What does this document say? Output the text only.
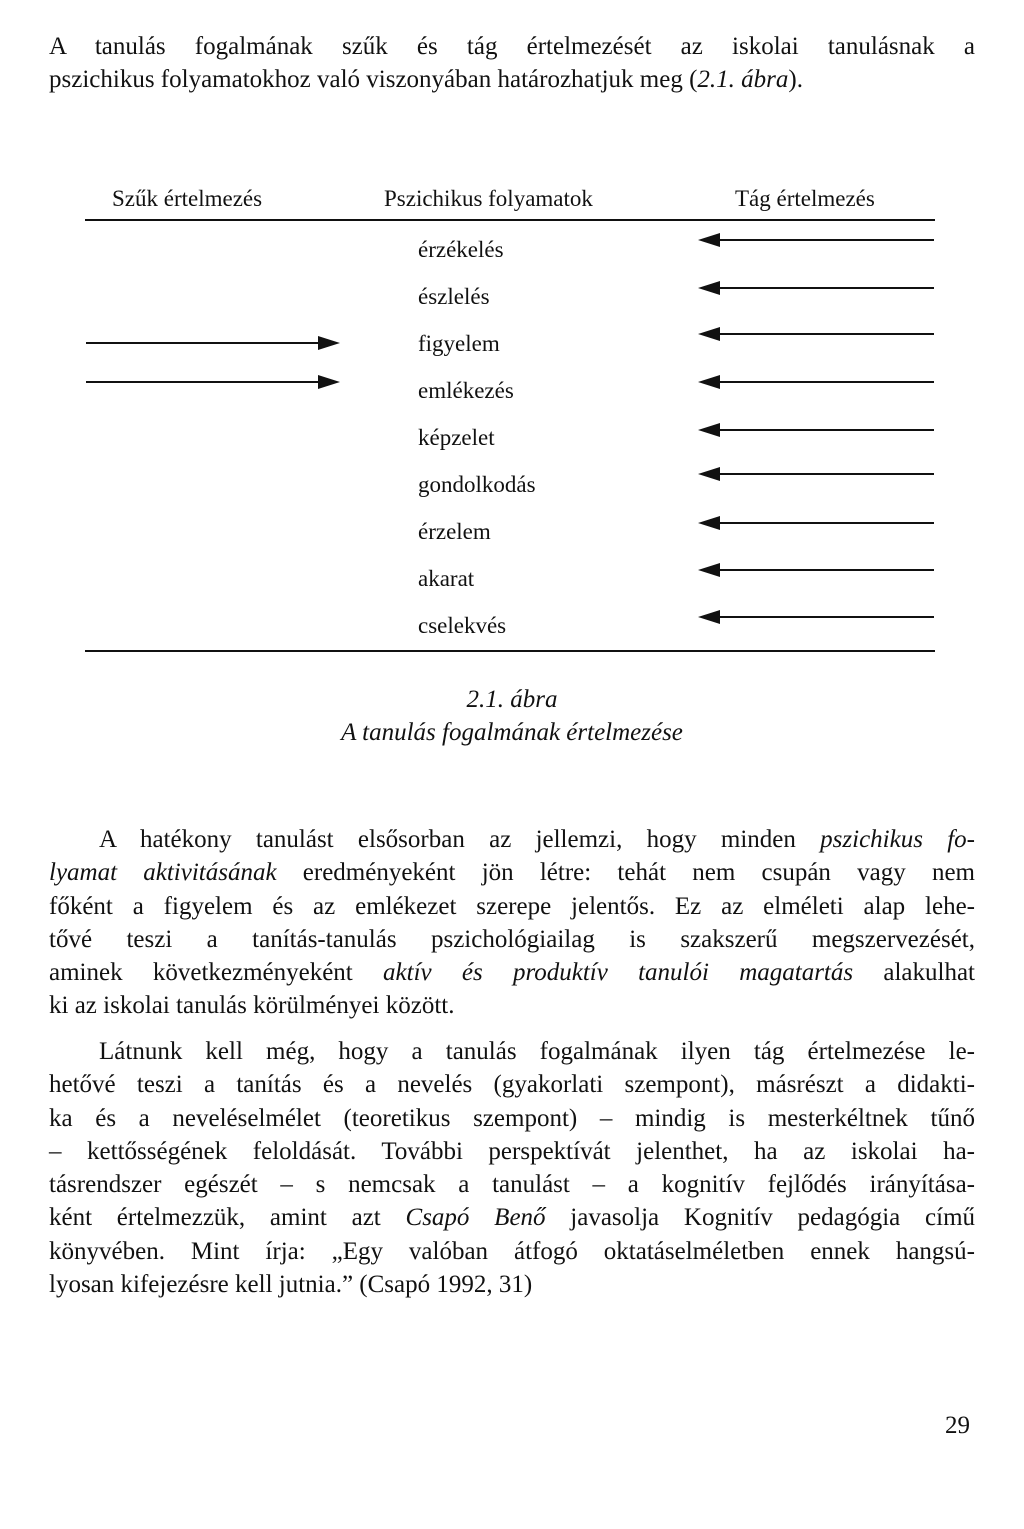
A tanulás fogalmának szűk és tág értelmezését az iskolai tanulásnak a
pszichikus folyamatokhoz való viszonyában határozhatjuk meg (2.1. ábra).
Szűk értelmezés	Pszichikus folyamatok	Tág értelmezés
érzékelés
észlelés
figyelem
emlékezés
képzelet
gondolkodás
érzelem
akarat
cselekvés
2.1. ábra
A tanulás fogalmának értelmezése
A hatékony tanulást elsősorban az jellemzi, hogy minden pszichikus fo-
lyamat aktivitásának eredményeként jön létre: tehát nem csupán vagy nem
főként a figyelem és az emlékezet szerepe jelentős. Ez az elméleti alap lehe-
tővé teszi a tanítás-tanulás pszichológiailag is szakszerű megszervezését,
aminek következményeként aktív és produktív tanulói magatartás alakulhat
ki az iskolai tanulás körülményei között.
Látnunk kell még, hogy a tanulás fogalmának ilyen tág értelmezése le-
hetővé teszi a tanítás és a nevelés (gyakorlati szempont), másrészt a didakti-
ka és a neveléselmélet (teoretikus szempont) – mindig is mesterkéltnek tűnő
– kettősségének feloldását. További perspektívát jelenthet, ha az iskolai ha-
tásrendszer egészét – s nemcsak a tanulást – a kognitív fejlődés irányítása-
ként értelmezzük, amint azt Csapó Benő javasolja Kognitív pedagógia című
könyvében. Mint írja: „Egy valóban átfogó oktatáselméletben ennek hangsú-
lyosan kifejezésre kell jutnia.” (Csapó 1992, 31)
29
